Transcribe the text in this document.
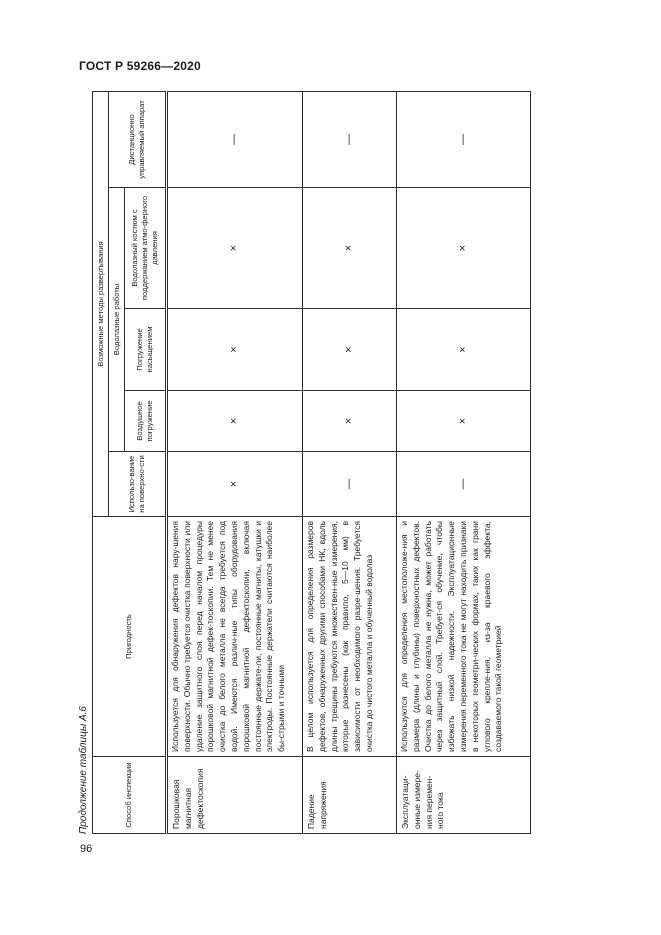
ГОСТ Р 59266—2020
Продолжение таблицы А.6	Способ инспекции	Пригодность	Возможные методы развертывания				
		Использо-вание на поверхно-сти	Водолазные работы			Дистанционно управляемый аппарат
			Воздушное погружение	Погружение насыщением	Водолазный костюм с поддержанием атмо-ферного давления	
Порошковая магнитная дефектоскопия	Используется для обнаружения дефектов нару-шения поверхности. Обычно требуется очистка поверхности или удаление защитного слоя перед началом процедуры порошковой магнитной дефек-тоскопии. Тем не менее очистка до белого металла не всегда требуется под водой. Имеются различ-ные типы оборудования порошковой магнитной дефектоскопии, включая постоянные держате-ли, постоянные магниты, катушки и электроды. Постоянные держатели считаются наиболее бы-стрыми и точными	×	×	×	×	—
Падение напряжения	В целом используется для определения размеров дефектов, обнаруженных другими способами НК, вдоль длины трещины требуются множествен-ные измерения, которые разнесены (как правило, 5—10 мм) в зависимости от необходимого разре-шения. Требуется очистка до чистого металла и обученный водолаз	—	×	×	×	—
Эксплуатаци-онные измере-ния перемен-ного тока	Используются для определения местоположе-ния и размера (длины и глубины) поверхностных дефектов. Очистка до белого металла не нужна, может работать через защитный слой. Требует-ся обучение, чтобы избежать низкой надежности. Эксплуатационные измерения переменного тока не могут находить признаки в некоторых геометри-ческих формах, таких как грани углового крепле-ния, из-за краевого эффекта, создаваемого такой геометрией	—	×	×	×	—
96
